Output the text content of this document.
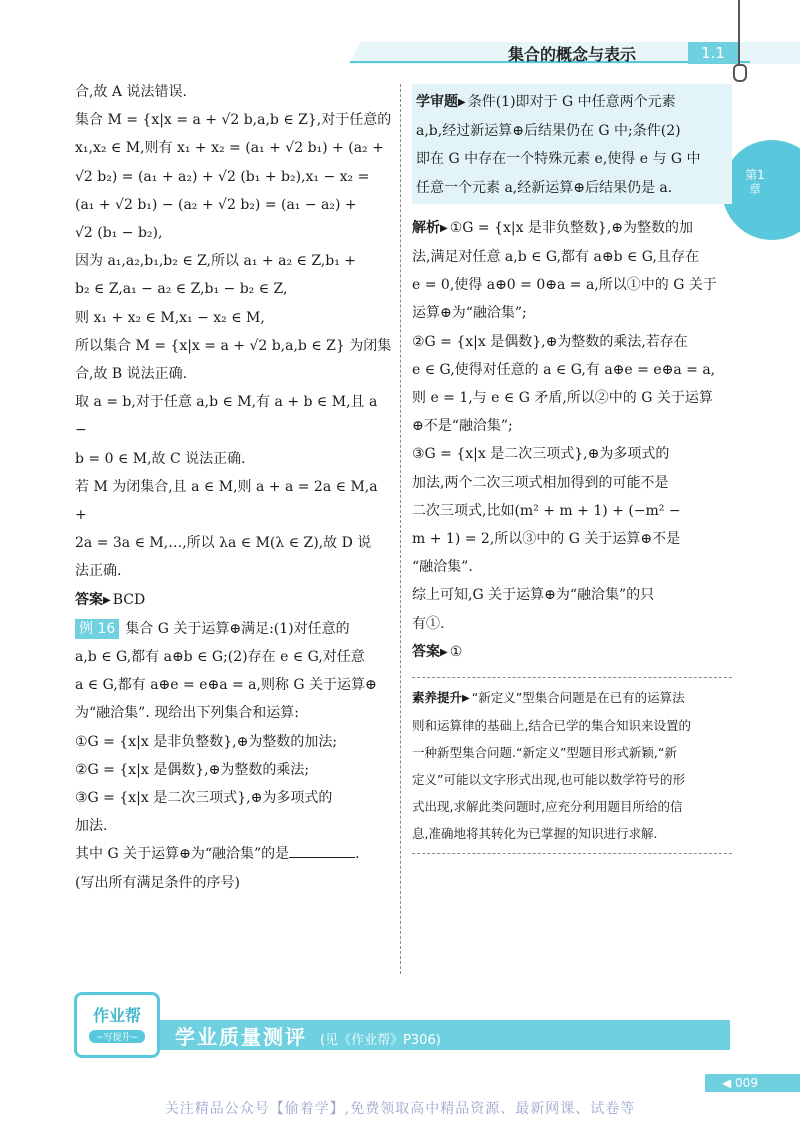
集合的概念与表示	1.1
第1章

合,故 A 说法错误.

集合 M = {x|x = a + √2 b,a,b ∈ Z},对于任意的

x₁,x₂ ∈ M,则有 x₁ + x₂ = (a₁ + √2 b₁) + (a₂ +

√2 b₂) = (a₁ + a₂) + √2 (b₁ + b₂),x₁ − x₂ =

(a₁ + √2 b₁) − (a₂ + √2 b₂) = (a₁ − a₂) +

√2 (b₁ − b₂),

因为 a₁,a₂,b₁,b₂ ∈ Z,所以 a₁ + a₂ ∈ Z,b₁ +

b₂ ∈ Z,a₁ − a₂ ∈ Z,b₁ − b₂ ∈ Z,

则 x₁ + x₂ ∈ M,x₁ − x₂ ∈ M,

所以集合 M = {x|x = a + √2 b,a,b ∈ Z} 为闭集

合,故 B 说法正确.

取 a = b,对于任意 a,b ∈ M,有 a + b ∈ M,且 a −

b = 0 ∈ M,故 C 说法正确.

若 M 为闭集合,且 a ∈ M,则 a + a = 2a ∈ M,a +

2a = 3a ∈ M,…,所以 λa ∈ M(λ ∈ Z),故 D 说

法正确.

答案▶ BCD

例 16 集合 G 关于运算⊕满足:(1)对任意的

a,b ∈ G,都有 a⊕b ∈ G;(2)存在 e ∈ G,对任意

a ∈ G,都有 a⊕e = e⊕a = a,则称 G 关于运算⊕

为“融洽集”. 现给出下列集合和运算:

①G = {x|x 是非负整数},⊕为整数的加法;

②G = {x|x 是偶数},⊕为整数的乘法;

③G = {x|x 是二次三项式},⊕为多项式的

加法.

其中 G 关于运算⊕为“融洽集”的是	.

(写出所有满足条件的序号)

学审题▶ 条件(1)即对于 G 中任意两个元素

a,b,经过新运算⊕后结果仍在 G 中;条件(2)

即在 G 中存在一个特殊元素 e,使得 e 与 G 中

任意一个元素 a,经新运算⊕后结果仍是 a.

解析▶ ①G = {x|x 是非负整数},⊕为整数的加

法,满足对任意 a,b ∈ G,都有 a⊕b ∈ G,且存在

e = 0,使得 a⊕0 = 0⊕a = a,所以①中的 G 关于

运算⊕为“融洽集”;

②G = {x|x 是偶数},⊕为整数的乘法,若存在

e ∈ G,使得对任意的 a ∈ G,有 a⊕e = e⊕a = a,

则 e = 1,与 e ∈ G 矛盾,所以②中的 G 关于运算

⊕不是“融洽集”;

③G = {x|x 是二次三项式},⊕为多项式的

加法,两个二次三项式相加得到的可能不是

二次三项式,比如(m² + m + 1) + (−m² −

m + 1) = 2,所以③中的 G 关于运算⊕不是

“融洽集”.

综上可知,G 关于运算⊕为“融洽集”的只

有①.

答案▶ ①

素养提升▶ “新定义”型集合问题是在已有的运算法

则和运算律的基础上,结合已学的集合知识来设置的

一种新型集合问题.“新定义”型题目形式新颖,“新

定义”可能以文字形式出现,也可能以数学符号的形

式出现,求解此类问题时,应充分利用题目所给的信

息,准确地将其转化为已掌握的知识进行求解.

作业帮
~写提升~	学业质量测评 (见《作业帮》P306)
◀ 009
关注精品公众号【偷着学】,免费领取高中精品资源、最新网课、试卷等
